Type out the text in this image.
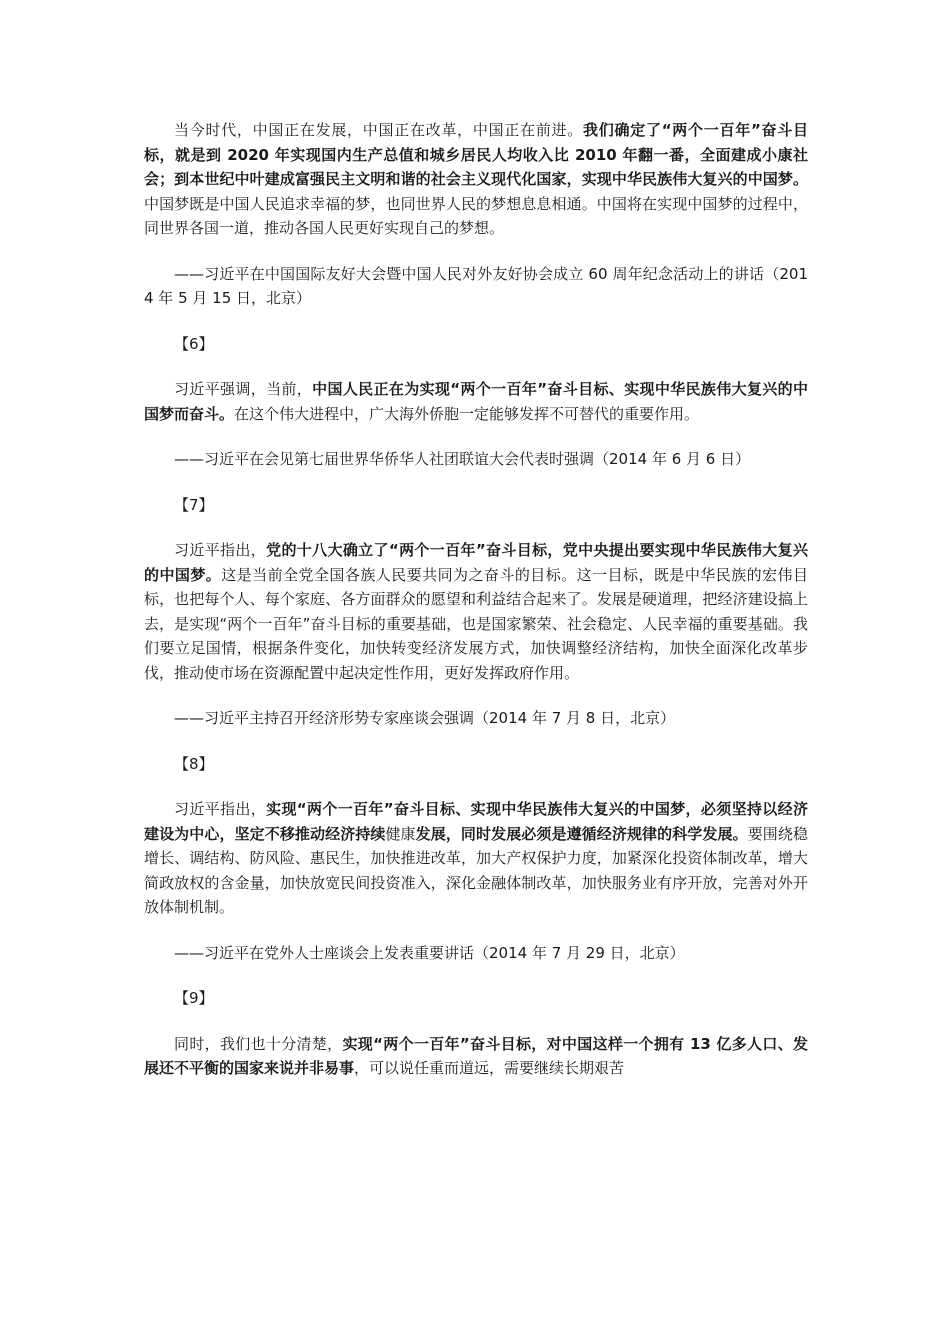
当今时代，中国正在发展，中国正在改革，中国正在前进。我们确定了“两个一百年”奋斗目标，就是到 2020 年实现国内生产总值和城乡居民人均收入比 2010 年翻一番，全面建成小康社会；到本世纪中叶建成富强民主文明和谐的社会主义现代化国家，实现中华民族伟大复兴的中国梦。中国梦既是中国人民追求幸福的梦，也同世界人民的梦想息息相通。中国将在实现中国梦的过程中，同世界各国一道，推动各国人民更好实现自己的梦想。

——习近平在中国国际友好大会暨中国人民对外友好协会成立 60 周年纪念活动上的讲话（2014 年 5 月 15 日，北京）

【6】

习近平强调，当前，中国人民正在为实现“两个一百年”奋斗目标、实现中华民族伟大复兴的中国梦而奋斗。在这个伟大进程中，广大海外侨胞一定能够发挥不可替代的重要作用。

——习近平在会见第七届世界华侨华人社团联谊大会代表时强调（2014 年 6 月 6 日）

【7】

习近平指出，党的十八大确立了“两个一百年”奋斗目标，党中央提出要实现中华民族伟大复兴的中国梦。这是当前全党全国各族人民要共同为之奋斗的目标。这一目标，既是中华民族的宏伟目标，也把每个人、每个家庭、各方面群众的愿望和利益结合起来了。发展是硬道理，把经济建设搞上去，是实现“两个一百年”奋斗目标的重要基础，也是国家繁荣、社会稳定、人民幸福的重要基础。我们要立足国情，根据条件变化，加快转变经济发展方式，加快调整经济结构，加快全面深化改革步伐，推动使市场在资源配置中起决定性作用，更好发挥政府作用。

——习近平主持召开经济形势专家座谈会强调（2014 年 7 月 8 日，北京）

【8】

习近平指出，实现“两个一百年”奋斗目标、实现中华民族伟大复兴的中国梦，必须坚持以经济建设为中心，坚定不移推动经济持续健康发展，同时发展必须是遵循经济规律的科学发展。要围绕稳增长、调结构、防风险、惠民生，加快推进改革，加大产权保护力度，加紧深化投资体制改革，增大简政放权的含金量，加快放宽民间投资准入，深化金融体制改革，加快服务业有序开放，完善对外开放体制机制。

——习近平在党外人士座谈会上发表重要讲话（2014 年 7 月 29 日，北京）

【9】

同时，我们也十分清楚，实现“两个一百年”奋斗目标，对中国这样一个拥有 13 亿多人口、发展还不平衡的国家来说并非易事，可以说任重而道远，需要继续长期艰苦
